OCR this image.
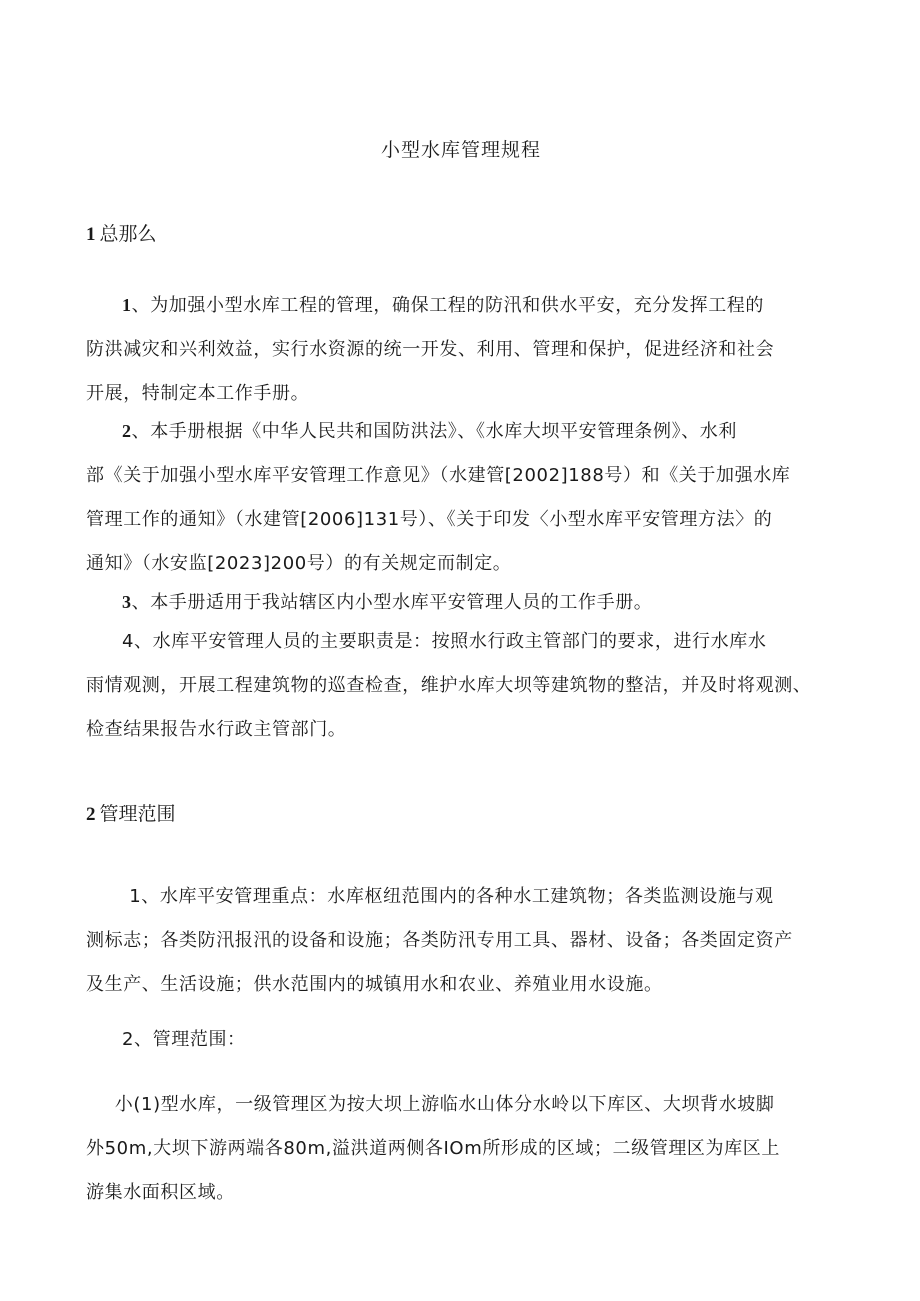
小型水库管理规程
1 总那么
1、为加强小型水库工程的管理，确保工程的防汛和供水平安，充分发挥工程的
防洪减灾和兴利效益，实行水资源的统一开发、利用、管理和保护，促进经济和社会
开展，特制定本工作手册。
2、本手册根据《中华人民共和国防洪法》、《水库大坝平安管理条例》、水利
部《关于加强小型水库平安管理工作意见》（水建管[2002]188号）和《关于加强水库
管理工作的通知》（水建管[2006]131号）、《关于印发〈小型水库平安管理方法〉的
通知》（水安监[2023]200号）的有关规定而制定。
3、本手册适用于我站辖区内小型水库平安管理人员的工作手册。
4、水库平安管理人员的主要职责是：按照水行政主管部门的要求，进行水库水
雨情观测，开展工程建筑物的巡查检查，维护水库大坝等建筑物的整洁，并及时将观测、
检查结果报告水行政主管部门。
2 管理范围
1、水库平安管理重点：水库枢纽范围内的各种水工建筑物；各类监测设施与观
测标志；各类防汛报汛的设备和设施；各类防汛专用工具、器材、设备；各类固定资产
及生产、生活设施；供水范围内的城镇用水和农业、养殖业用水设施。
2、管理范围：
小(1)型水库，一级管理区为按大坝上游临水山体分水岭以下库区、大坝背水坡脚
外50m,大坝下游两端各80m,溢洪道两侧各IOm所形成的区域；二级管理区为库区上
游集水面积区域。
